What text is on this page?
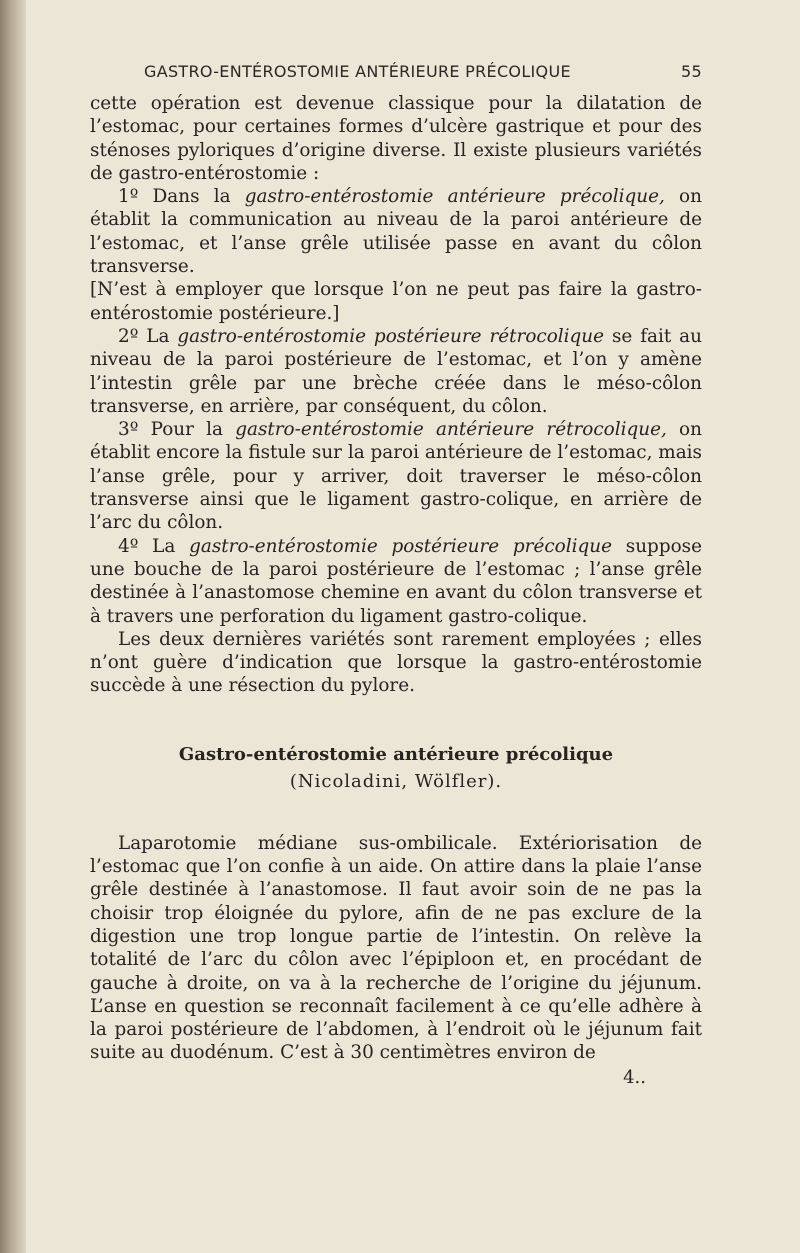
GASTRO-ENTÉROSTOMIE ANTÉRIEURE PRÉCOLIQUE	55

cette opération est devenue classique pour la dilatation de l’estomac, pour certaines formes d’ulcère gastrique et pour des sténoses pyloriques d’origine diverse. Il existe plusieurs variétés de gastro-entérostomie :

1º Dans la gastro-entérostomie antérieure précolique, on établit la communication au niveau de la paroi antérieure de l’estomac, et l’anse grêle utilisée passe en avant du côlon transverse.

[N’est à employer que lorsque l’on ne peut pas faire la gastro-entérostomie postérieure.]

2º La gastro-entérostomie postérieure rétrocolique se fait au niveau de la paroi postérieure de l’estomac, et l’on y amène l’intestin grêle par une brèche créée dans le méso-côlon transverse, en arrière, par conséquent, du côlon.

3º Pour la gastro-entérostomie antérieure rétrocolique, on établit encore la fistule sur la paroi antérieure de l’estomac, mais l’anse grêle, pour y arriver, doit traverser le méso-côlon transverse ainsi que le ligament gastro-colique, en arrière de l’arc du côlon.

4º La gastro-entérostomie postérieure précolique suppose une bouche de la paroi postérieure de l’estomac ; l’anse grêle destinée à l’anastomose chemine en avant du côlon transverse et à travers une perforation du ligament gastro-colique.

Les deux dernières variétés sont rarement employées ; elles n’ont guère d’indication que lorsque la gastro-entérostomie succède à une résection du pylore.

Gastro-entérostomie antérieure précolique
(Nicoladini, Wölfler).

Laparotomie médiane sus-ombilicale. Extériorisation de l’estomac que l’on confie à un aide. On attire dans la plaie l’anse grêle destinée à l’anastomose. Il faut avoir soin de ne pas la choisir trop éloignée du pylore, afin de ne pas exclure de la digestion une trop longue partie de l’intestin. On relève la totalité de l’arc du côlon avec l’épiploon et, en procédant de gauche à droite, on va à la recherche de l’origine du jéjunum. L’anse en question se reconnaît facilement à ce qu’elle adhère à la paroi postérieure de l’abdomen, à l’endroit où le jéjunum fait suite au duodénum. C’est à 30 centimètres environ de

4..
